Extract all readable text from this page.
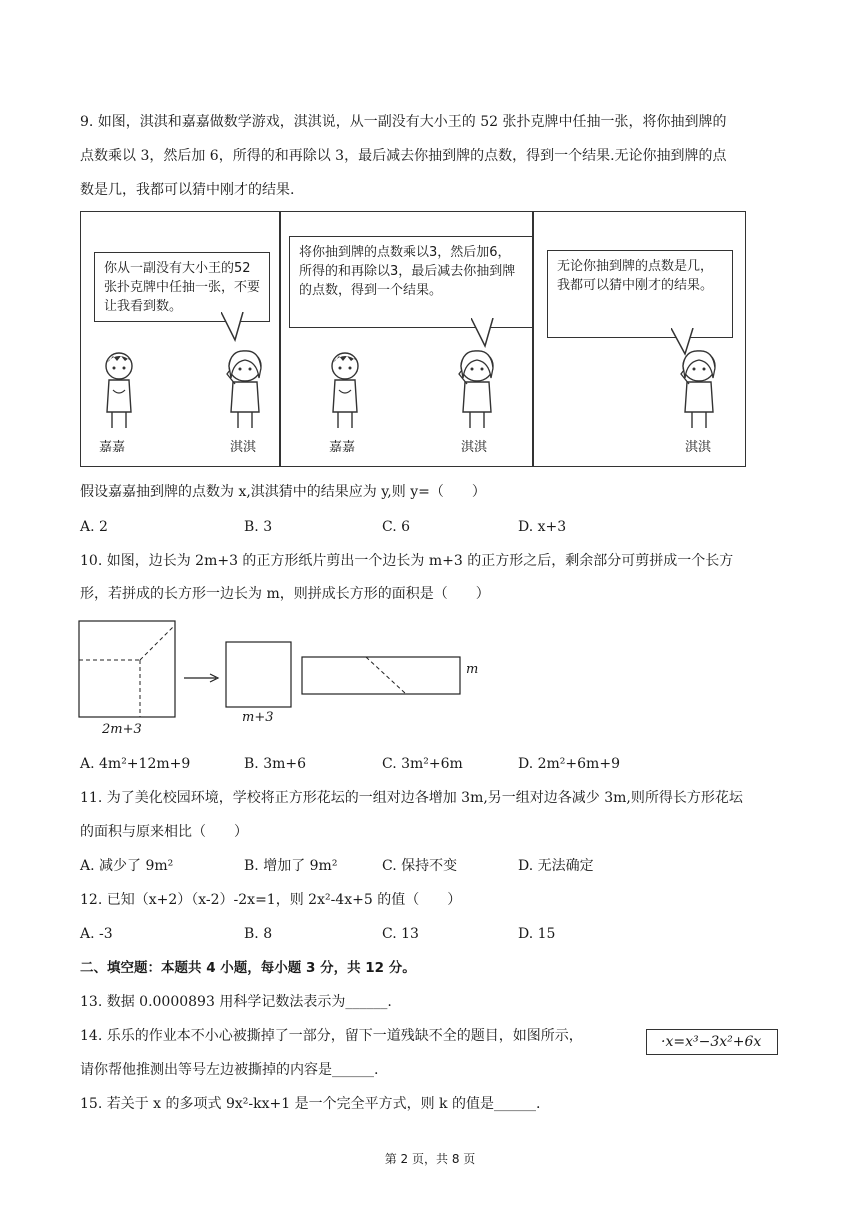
9. 如图，淇淇和嘉嘉做数学游戏，淇淇说，从一副没有大小王的 52 张扑克牌中任抽一张，将你抽到牌的
点数乘以 3，然后加 6，所得的和再除以 3，最后减去你抽到牌的点数，得到一个结果.无论你抽到牌的点
数是几，我都可以猜中刚才的结果.
你从一副没有大小王的52张扑克牌中任抽一张，不要让我看到数。
嘉嘉	淇淇
将你抽到牌的点数乘以3，然后加6，所得的和再除以3，最后减去你抽到牌的点数，得到一个结果。
嘉嘉	淇淇
无论你抽到牌的点数是几，我都可以猜中刚才的结果。
淇淇
假设嘉嘉抽到牌的点数为 x,淇淇猜中的结果应为 y,则 y=（　　）
A. 2	B. 3	C. 6	D. x+3
10. 如图，边长为 2m+3 的正方形纸片剪出一个边长为 m+3 的正方形之后，剩余部分可剪拼成一个长方
形，若拼成的长方形一边长为 m，则拼成长方形的面积是（　　）
2m+3
m+3
m
A. 4m²+12m+9	B. 3m+6	C. 3m²+6m	D. 2m²+6m+9
11. 为了美化校园环境，学校将正方形花坛的一组对边各增加 3m,另一组对边各减少 3m,则所得长方形花坛
的面积与原来相比（　　）
A. 减少了 9m²	B. 增加了 9m²	C. 保持不变	D. 无法确定
12. 已知（x+2）（x-2）-2x=1，则 2x²-4x+5 的值（　　）
A. -3	B. 8	C. 13	D. 15
二、填空题：本题共 4 小题，每小题 3 分，共 12 分。
13. 数据 0.0000893 用科学记数法表示为______.
14. 乐乐的作业本不小心被撕掉了一部分，留下一道残缺不全的题目，如图所示，
请你帮他推测出等号左边被撕掉的内容是______.
·x=x³−3x²+6x
15. 若关于 x 的多项式 9x²-kx+1 是一个完全平方式，则 k 的值是______.
第 2 页，共 8 页
